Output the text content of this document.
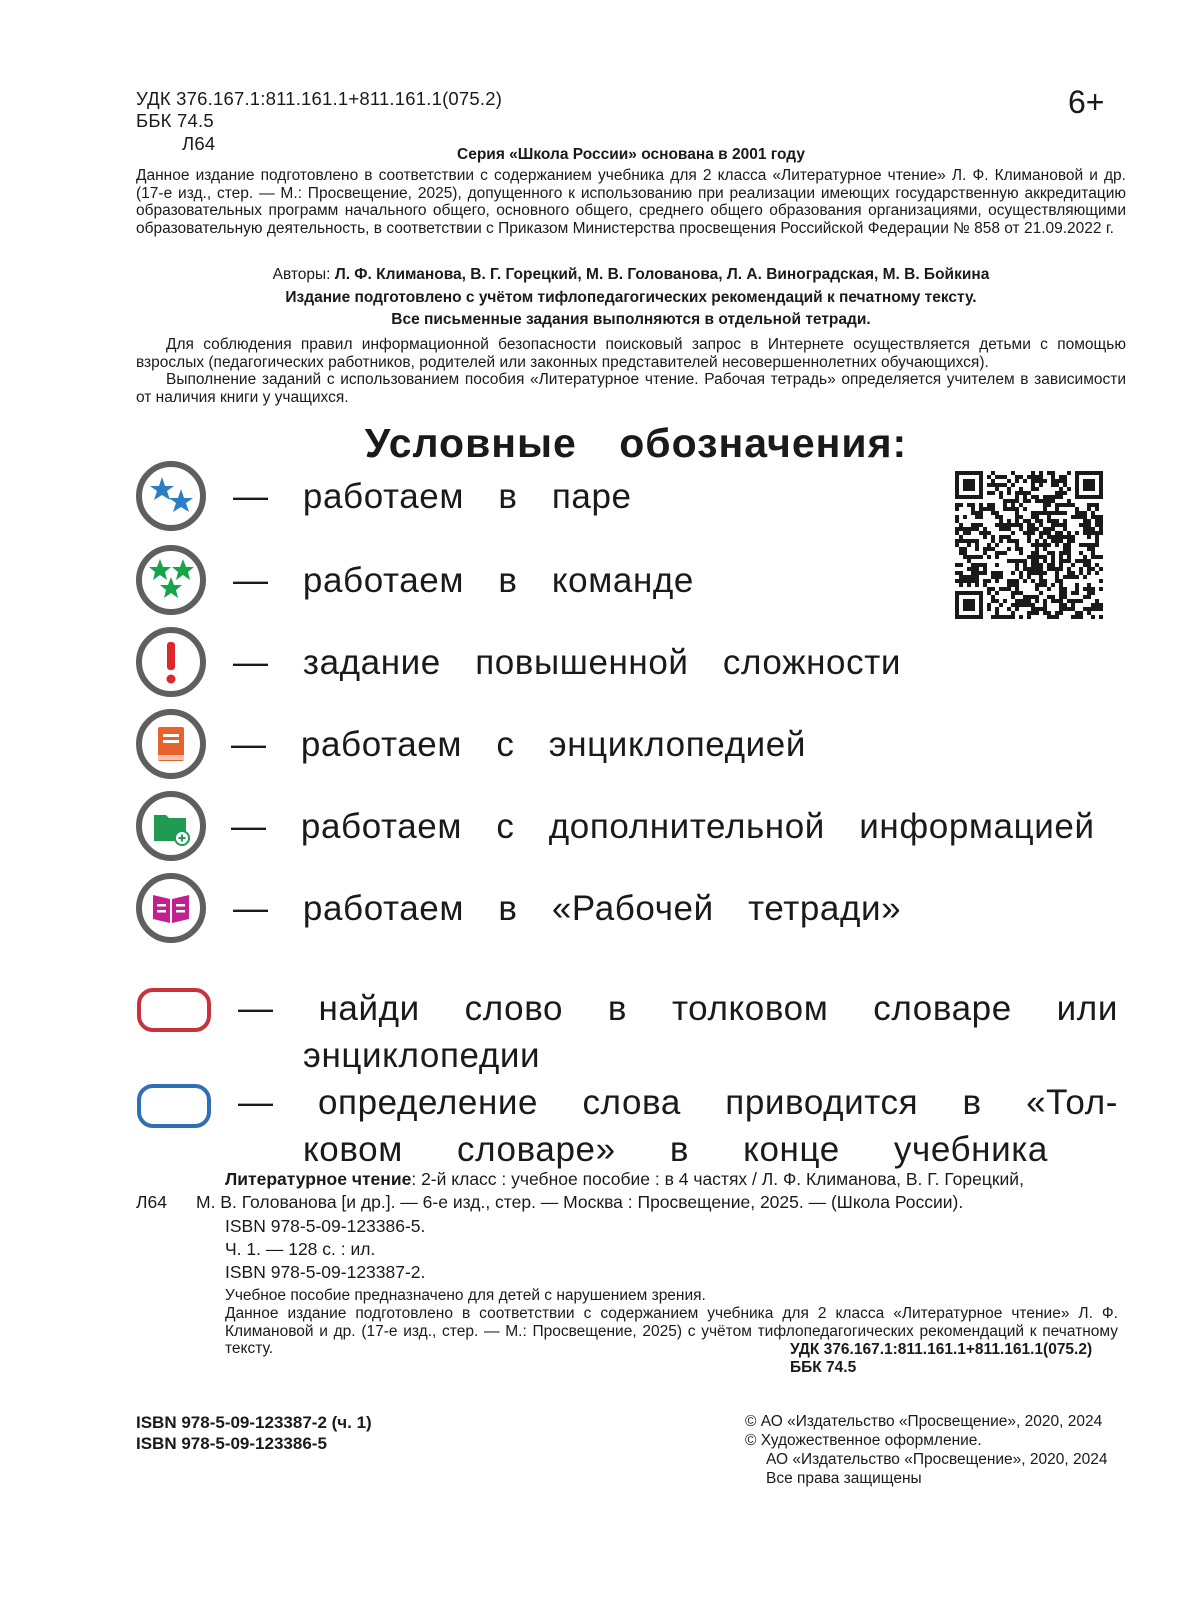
УДК 376.167.1:811.161.1+811.161.1(075.2)
ББК 74.5
Л64
6+
Серия «Школа России» основана в 2001 году
Данное издание подготовлено в соответствии с содержанием учебника для 2 класса «Литературное чтение» Л. Ф. Климановой и др. (17-е изд., стер. — М.: Просвещение, 2025), допущенного к использованию при реализации имеющих государственную аккредитацию образовательных программ начального общего, основного общего, среднего общего образования организациями, осуществляющими образовательную деятельность, в соответствии с Приказом Министерства просвещения Российской Федерации № 858 от 21.09.2022 г.
Авторы: Л. Ф. Климанова, В. Г. Горецкий, М. В. Голованова, Л. А. Виноградская, М. В. Бойкина
Издание подготовлено с учётом тифлопедагогических рекомендаций к печатному тексту.
Все письменные задания выполняются в отдельной тетради.
Для соблюдения правил информационной безопасности поисковый запрос в Интернете осуществляется детьми с помощью взрослых (педагогических работников, родителей или законных представителей несовершеннолетних обучающихся).
Выполнение заданий с использованием пособия «Литературное чтение. Рабочая тетрадь» определяется учителем в зависимости от наличия книги у учащихся.
Условные обозначения:
— работаем в паре
— работаем в команде
— задание повышенной сложности
— работаем с энциклопедией
— работаем с дополнительной информацией
— работаем в «Рабочей тетради»
— найди слово в толковом словаре или
энциклопедии
— определение слова приводится в «Тол-
ковом словаре» в конце учебника
Л64
Литературное чтение: 2-й класс : учебное пособие : в 4 частях / Л. Ф. Климанова, В. Г. Горецкий,
М. В. Голованова [и др.]. — 6-е изд., стер. — Москва : Просвещение, 2025. — (Школа России).
ISBN 978-5-09-123386-5.
Ч. 1. — 128 с. : ил.
ISBN 978-5-09-123387-2.
Учебное пособие предназначено для детей с нарушением зрения.
Данное издание подготовлено в соответствии с содержанием учебника для 2 класса «Литературное чтение» Л. Ф. Климановой и др. (17-е изд., стер. — М.: Просвещение, 2025) с учётом тифлопедагогических рекомендаций к печатному тексту.	УДК 376.167.1:811.161.1+811.161.1(075.2)
ББК 74.5
ISBN 978-5-09-123387-2 (ч. 1)
ISBN 978-5-09-123386-5
© АО «Издательство «Просвещение», 2020, 2024
© Художественное оформление.
АО «Издательство «Просвещение», 2020, 2024
Все права защищены
